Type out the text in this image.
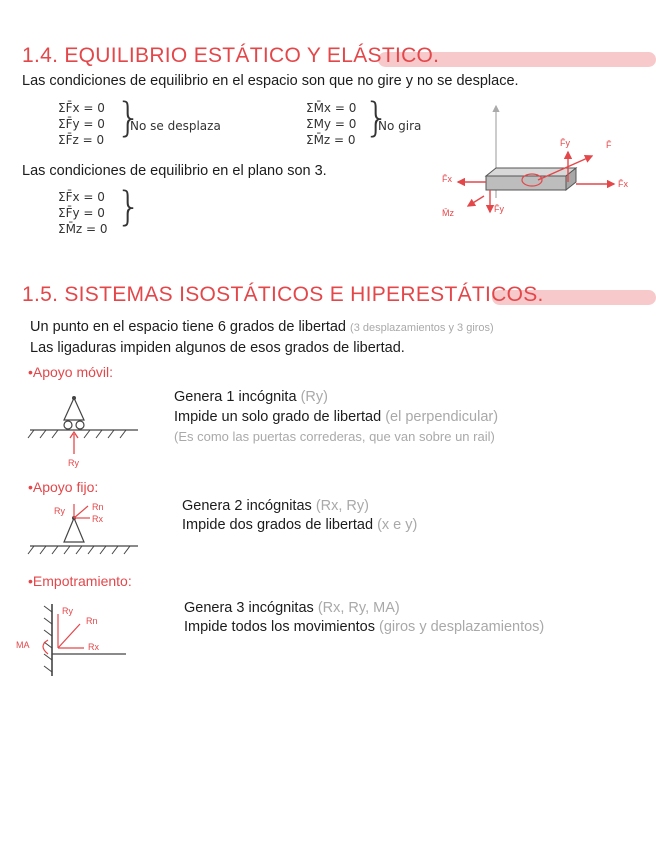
1.4. EQUILIBRIO ESTÁTICO Y ELÁSTICO.
Las condiciones de equilibrio en el espacio son que no gire y no se desplace.
ΣF̄x = 0
ΣF̄y = 0
ΣF̄z = 0 }
No se desplaza
ΣM̄x = 0
ΣMy = 0
ΣM̄z = 0 }
No gira
Las condiciones de equilibrio en el plano son 3.
ΣF̄x = 0
ΣF̄y = 0
ΣM̄z = 0 }
F̄y	F̄
F̄x	F̄x
M̄z	F̄y
1.5. SISTEMAS ISOSTÁTICOS E HIPERESTÁTICOS.
Un punto en el espacio tiene 6 grados de libertad (3 desplazamientos y 3 giros)
Las ligaduras impiden algunos de esos grados de libertad.
•Apoyo móvil:
Ry
Genera 1 incógnita (Ry)
Impide un solo grado de libertad (el perpendicular)
(Es como las puertas correderas, que van sobre un rail)
•Apoyo fijo:
Ry	Rn
Rx
Genera 2 incógnitas (Rx, Ry)
Impide dos grados de libertad (x e y)
•Empotramiento:
Ry
Rn
Rx
MA
Genera 3 incógnitas (Rx, Ry, MA)
Impide todos los movimientos (giros y desplazamientos)
